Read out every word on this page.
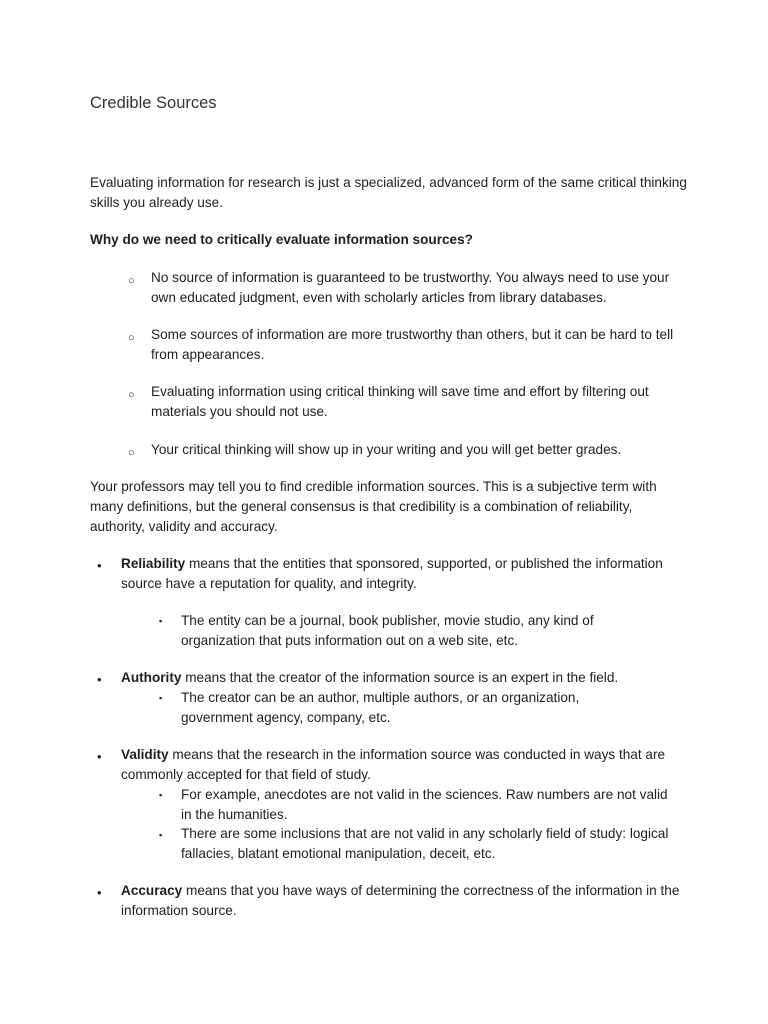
Credible Sources

Evaluating information for research is just a specialized, advanced form of the same critical thinking skills you already use.

Why do we need to critically evaluate information sources?

○
No source of information is guaranteed to be trustworthy. You always need to use your own educated judgment, even with scholarly articles from library databases.
○
Some sources of information are more trustworthy than others, but it can be hard to tell from appearances.
○
Evaluating information using critical thinking will save time and effort by filtering out materials you should not use.
○
Your critical thinking will show up in your writing and you will get better grades.

Your professors may tell you to find credible information sources. This is a subjective term with many definitions, but the general consensus is that credibility is a combination of reliability, authority, validity and accuracy.

•
Reliability means that the entities that sponsored, supported, or published the information source have a reputation for quality, and integrity.
▪
The entity can be a journal, book publisher, movie studio, any kind of organization that puts information out on a web site, etc.
•
Authority means that the creator of the information source is an expert in the field.
▪
The creator can be an author, multiple authors, or an organization, government agency, company, etc.
•
Validity means that the research in the information source was conducted in ways that are commonly accepted for that field of study.
▪
For example, anecdotes are not valid in the sciences. Raw numbers are not valid in the humanities.
▪
There are some inclusions that are not valid in any scholarly field of study: logical fallacies, blatant emotional manipulation, deceit, etc.
•
Accuracy means that you have ways of determining the correctness of the information in the information source.
